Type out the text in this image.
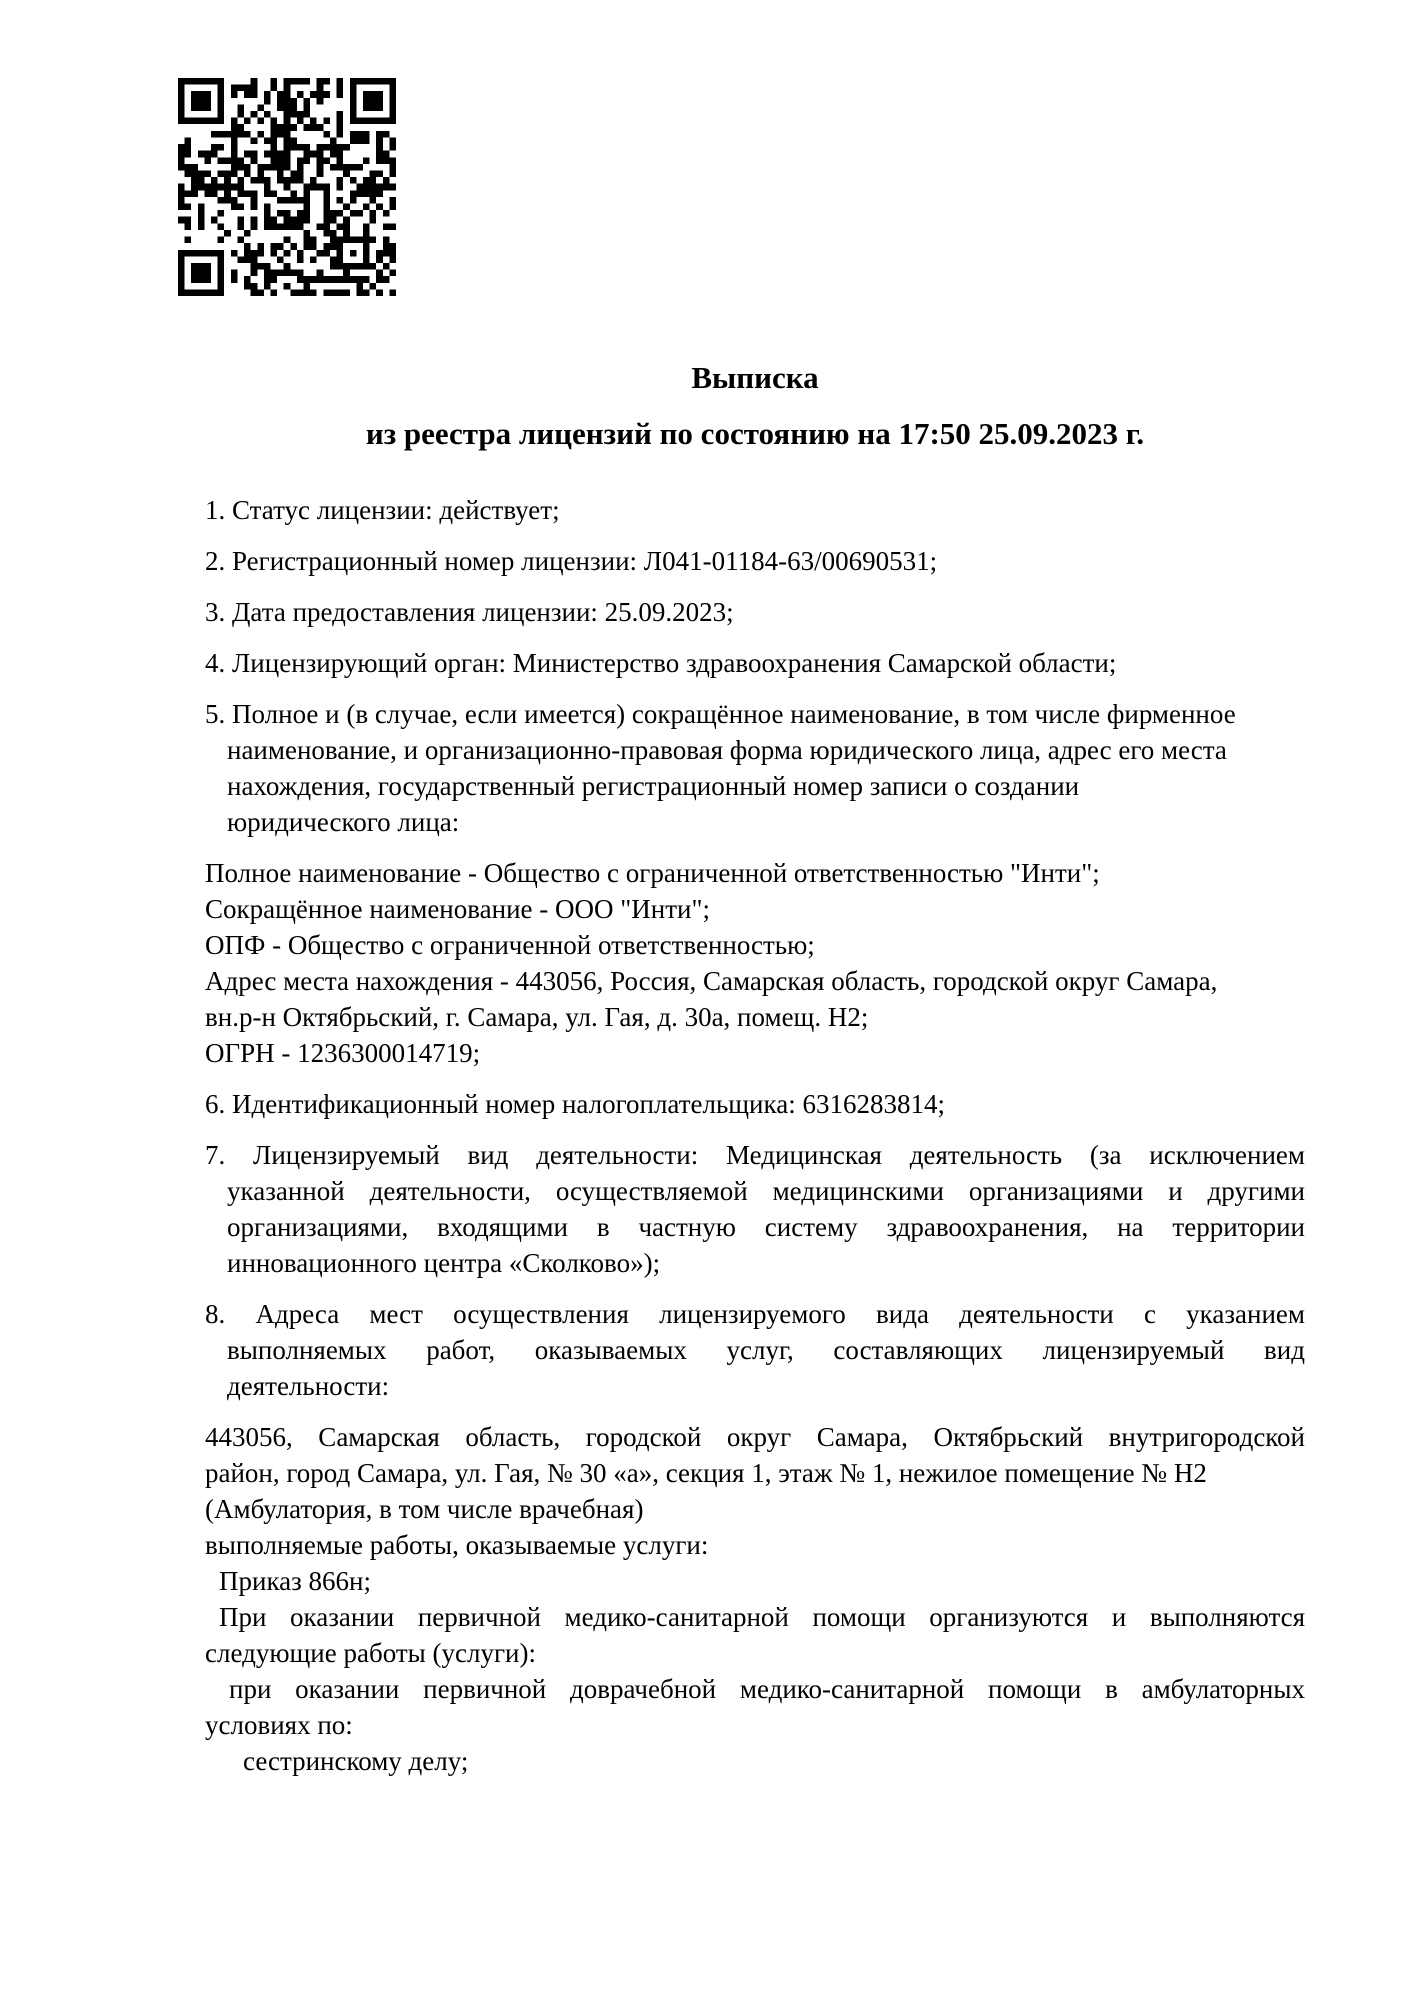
Выписка
из реестра лицензий по состоянию на 17:50 25.09.2023 г.
1. Статус лицензии: действует;
2. Регистрационный номер лицензии: Л041-01184-63/00690531;
3. Дата предоставления лицензии: 25.09.2023;
4. Лицензирующий орган: Министерство здравоохранения Самарской области;
5. Полное и (в случае, если имеется) сокращённое наименование, в том числе фирменное
наименование, и организационно-правовая форма юридического лица, адрес его места
нахождения, государственный регистрационный номер записи о создании
юридического лица:
Полное наименование - Общество с ограниченной ответственностью "Инти";
Сокращённое наименование - ООО "Инти";
ОПФ - Общество с ограниченной ответственностью;
Адрес места нахождения - 443056, Россия, Самарская область, городской округ Самара,
вн.р-н Октябрьский, г. Самара, ул. Гая, д. 30а, помещ. Н2;
ОГРН - 1236300014719;
6. Идентификационный номер налогоплательщика: 6316283814;
7. Лицензируемый вид деятельности: Медицинская деятельность (за исключением
указанной деятельности, осуществляемой медицинскими организациями и другими
организациями, входящими в частную систему здравоохранения, на территории
инновационного центра «Сколково»);
8. Адреса мест осуществления лицензируемого вида деятельности с указанием
выполняемых работ, оказываемых услуг, составляющих лицензируемый вид
деятельности:
443056, Самарская область, городской округ Самара, Октябрьский внутригородской
район, город Самара, ул. Гая, № 30 «а», секция 1, этаж № 1, нежилое помещение № Н2
(Амбулатория, в том числе врачебная)
выполняемые работы, оказываемые услуги:
Приказ 866н;
При оказании первичной медико-санитарной помощи организуются и выполняются
следующие работы (услуги):
при оказании первичной доврачебной медико-санитарной помощи в амбулаторных
условиях по:
сестринскому делу;
